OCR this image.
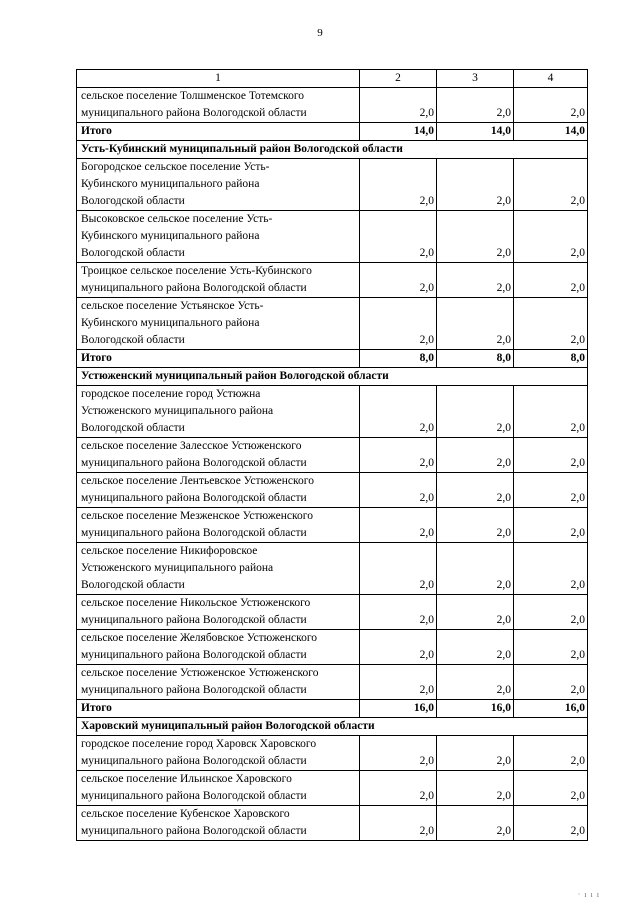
9
1	2	3	4

сельское поселение Толшменское Тотемского
муниципального района Вологодской области	2,0	2,0	2,0

Итого	14,0	14,0	14,0
Усть-Кубинский муниципальный район Вологодской области			

Богородское сельское поселение Усть-
Кубинского муниципального района
Вологодской области	2,0	2,0	2,0

Высоковское сельское поселение Усть-
Кубинского муниципального района
Вологодской области	2,0	2,0	2,0

Троицкое сельское поселение Усть-Кубинского
муниципального района Вологодской области	2,0	2,0	2,0

сельское поселение Устьянское Усть-
Кубинского муниципального района
Вологодской области	2,0	2,0	2,0

Итого	8,0	8,0	8,0
Устюженский муниципальный район Вологодской области			

городское поселение город Устюжна
Устюженского муниципального района
Вологодской области	2,0	2,0	2,0

сельское поселение Залесское Устюженского
муниципального района Вологодской области	2,0	2,0	2,0

сельское поселение Лентьевское Устюженского
муниципального района Вологодской области	2,0	2,0	2,0

сельское поселение Мезженское Устюженского
муниципального района Вологодской области	2,0	2,0	2,0

сельское поселение Никифоровское
Устюженского муниципального района
Вологодской области	2,0	2,0	2,0

сельское поселение Никольское Устюженского
муниципального района Вологодской области	2,0	2,0	2,0

сельское поселение Желябовское Устюженского
муниципального района Вологодской области	2,0	2,0	2,0

сельское поселение Устюженское Устюженского
муниципального района Вологодской области	2,0	2,0	2,0

Итого	16,0	16,0	16,0
Харовский муниципальный район Вологодской области			

городское поселение город Харовск Харовского
муниципального района Вологодской области	2,0	2,0	2,0

сельское поселение Ильинское Харовского
муниципального района Вологодской области	2,0	2,0	2,0

сельское поселение Кубенское Харовского
муниципального района Вологодской области	2,0	2,0	2,0
· ı ı ı
